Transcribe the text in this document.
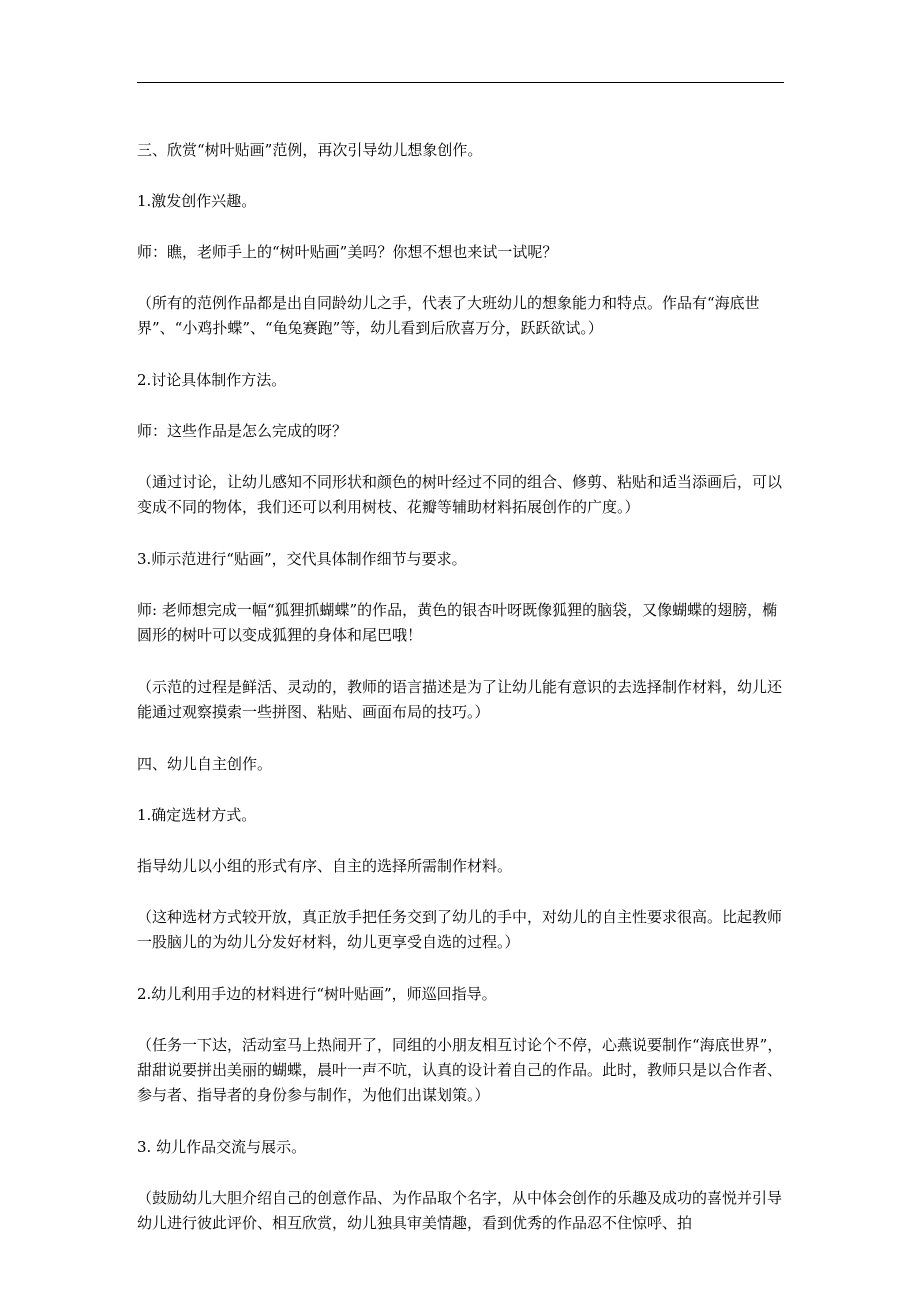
三、欣赏“树叶贴画”范例，再次引导幼儿想象创作。

1.激发创作兴趣。

师：瞧，老师手上的“树叶贴画”美吗？你想不想也来试一试呢？

（所有的范例作品都是出自同龄幼儿之手，代表了大班幼儿的想象能力和特点。作品有“海底世界”、“小鸡扑蝶”、“龟兔赛跑”等，幼儿看到后欣喜万分，跃跃欲试。）

2.讨论具体制作方法。

师：这些作品是怎么完成的呀？

（通过讨论，让幼儿感知不同形状和颜色的树叶经过不同的组合、修剪、粘贴和适当添画后，可以变成不同的物体，我们还可以利用树枝、花瓣等辅助材料拓展创作的广度。）

3.师示范进行“贴画”，交代具体制作细节与要求。

师: 老师想完成一幅“狐狸抓蝴蝶”的作品，黄色的银杏叶呀既像狐狸的脑袋，又像蝴蝶的翅膀，椭圆形的树叶可以变成狐狸的身体和尾巴哦！

（示范的过程是鲜活、灵动的，教师的语言描述是为了让幼儿能有意识的去选择制作材料，幼儿还能通过观察摸索一些拼图、粘贴、画面布局的技巧。）

四、幼儿自主创作。

1.确定选材方式。

指导幼儿以小组的形式有序、自主的选择所需制作材料。

（这种选材方式较开放，真正放手把任务交到了幼儿的手中，对幼儿的自主性要求很高。比起教师一股脑儿的为幼儿分发好材料，幼儿更享受自选的过程。）

2.幼儿利用手边的材料进行“树叶贴画”，师巡回指导。

（任务一下达，活动室马上热闹开了，同组的小朋友相互讨论个不停，心燕说要制作“海底世界”，甜甜说要拼出美丽的蝴蝶，晨叶一声不吭，认真的设计着自己的作品。此时，教师只是以合作者、参与者、指导者的身份参与制作，为他们出谋划策。）

3. 幼儿作品交流与展示。

（鼓励幼儿大胆介绍自己的创意作品、为作品取个名字，从中体会创作的乐趣及成功的喜悦并引导幼儿进行彼此评价、相互欣赏，幼儿独具审美情趣，看到优秀的作品忍不住惊呼、拍
